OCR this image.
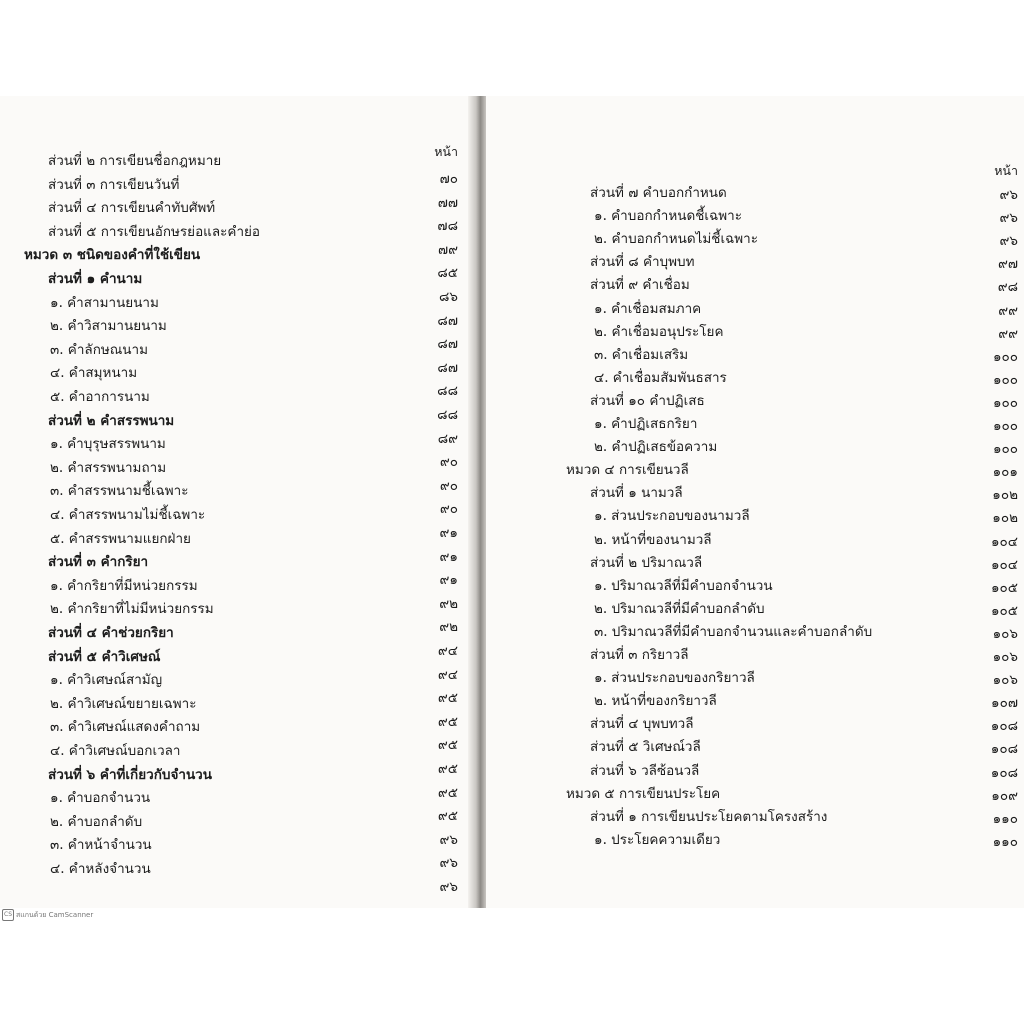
หน้า
ส่วนที่ ๒ การเขียนชื่อกฎหมาย
ส่วนที่ ๓ การเขียนวันที่	๗๐
ส่วนที่ ๔ การเขียนคำทับศัพท์	๗๗
ส่วนที่ ๕ การเขียนอักษรย่อและคำย่อ	๗๘
หมวด ๓ ชนิดของคำที่ใช้เขียน	๗๙
ส่วนที่ ๑ คำนาม	๘๕
๑. คำสามานยนาม	๘๖
๒. คำวิสามานยนาม	๘๗
๓. คำลักษณนาม	๘๗
๔. คำสมุหนาม	๘๗
๕. คำอาการนาม	๘๘
ส่วนที่ ๒ คำสรรพนาม	๘๘
๑. คำบุรุษสรรพนาม	๘๙
๒. คำสรรพนามถาม	๙๐
๓. คำสรรพนามชี้เฉพาะ	๙๐
๔. คำสรรพนามไม่ชี้เฉพาะ	๙๐
๕. คำสรรพนามแยกฝ่าย	๙๑
ส่วนที่ ๓ คำกริยา	๙๑
๑. คำกริยาที่มีหน่วยกรรม	๙๑
๒. คำกริยาที่ไม่มีหน่วยกรรม	๙๒
ส่วนที่ ๔ คำช่วยกริยา	๙๒
ส่วนที่ ๕ คำวิเศษณ์	๙๔
๑. คำวิเศษณ์สามัญ	๙๔
๒. คำวิเศษณ์ขยายเฉพาะ	๙๕
๓. คำวิเศษณ์แสดงคำถาม	๙๕
๔. คำวิเศษณ์บอกเวลา	๙๕
ส่วนที่ ๖ คำที่เกี่ยวกับจำนวน	๙๕
๑. คำบอกจำนวน	๙๕
๒. คำบอกลำดับ	๙๕
๓. คำหน้าจำนวน	๙๖
๔. คำหลังจำนวน	๙๖
๙๖
หน้า
ส่วนที่ ๗ คำบอกกำหนด	๙๖
๑. คำบอกกำหนดชี้เฉพาะ	๙๖
๒. คำบอกกำหนดไม่ชี้เฉพาะ	๙๖
ส่วนที่ ๘ คำบุพบท	๙๗
ส่วนที่ ๙ คำเชื่อม	๙๘
๑. คำเชื่อมสมภาค	๙๙
๒. คำเชื่อมอนุประโยค	๙๙
๓. คำเชื่อมเสริม	๑๐๐
๔. คำเชื่อมสัมพันธสาร	๑๐๐
ส่วนที่ ๑๐ คำปฏิเสธ	๑๐๐
๑. คำปฏิเสธกริยา	๑๐๐
๒. คำปฏิเสธข้อความ	๑๐๐
หมวด ๔ การเขียนวลี	๑๐๑
ส่วนที่ ๑ นามวลี	๑๐๒
๑. ส่วนประกอบของนามวลี	๑๐๒
๒. หน้าที่ของนามวลี	๑๐๔
ส่วนที่ ๒ ปริมาณวลี	๑๐๔
๑. ปริมาณวลีที่มีคำบอกจำนวน	๑๐๕
๒. ปริมาณวลีที่มีคำบอกลำดับ	๑๐๕
๓. ปริมาณวลีที่มีคำบอกจำนวนและคำบอกลำดับ	๑๐๖
ส่วนที่ ๓ กริยาวลี	๑๐๖
๑. ส่วนประกอบของกริยาวลี	๑๐๖
๒. หน้าที่ของกริยาวลี	๑๐๗
ส่วนที่ ๔ บุพบทวลี	๑๐๘
ส่วนที่ ๕ วิเศษณ์วลี	๑๐๘
ส่วนที่ ๖ วลีซ้อนวลี	๑๐๘
หมวด ๕ การเขียนประโยค	๑๐๙
ส่วนที่ ๑ การเขียนประโยคตามโครงสร้าง	๑๑๐
๑. ประโยคความเดียว	๑๑๐
CS สแกนด้วย CamScanner
